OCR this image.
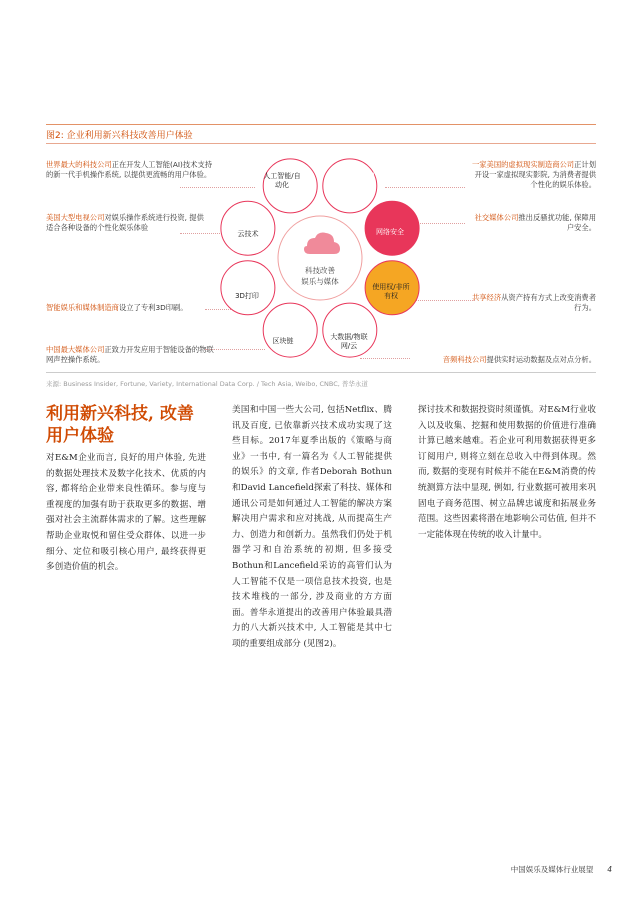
图2: 企业利用新兴科技改善用户体验
世界最大的科技公司正在开发人工智能(AI)技术支持的新一代手机操作系统, 以提供更流畅的用户体验。
美国大型电视公司对娱乐操作系统进行投资, 提供适合各种设备的个性化娱乐体验
智能娱乐和媒体制造商设立了专利3D印刷。
中国最大媒体公司正致力开发应用于智能设备的物联网声控操作系统。
一家美国的虚拟现实制造商公司正计划开设一家虚拟现实影院, 为消费者提供个性化的娱乐体验。
社交媒体公司推出反骚扰功能, 保障用户安全。
共享经济从资产持有方式上改变消费者行为。
音频科技公司提供实时运动数据及点对点分析。
科技改善
娱乐与媒体
人工智能/自动化
虚拟现实/增强现实
网络安全
使用权/非所有权
大数据/物联网/云
区块链
3D打印
云技术
来源: Business Insider, Fortune, Variety, International Data Corp. / Tech Asia, Weibo, CNBC, 普华永道
利用新兴科技, 改善用户体验
对E&M企业而言, 良好的用户体验, 先进的数据处理技术及数字化技术、优质的内容, 都将给企业带来良性循环。参与度与重视度的加强有助于获取更多的数据、增强对社会主流群体需求的了解。这些理解帮助企业取悦和留住受众群体、以进一步细分、定位和吸引核心用户, 最终获得更多创造价值的机会。
美国和中国一些大公司, 包括Netflix、腾讯及百度, 已依靠新兴技术成功实现了这些目标。2017年夏季出版的《策略与商业》一书中, 有一篇名为《人工智能提供的娱乐》的文章, 作者Deborah Bothun和David Lancefield探索了科技、媒体和通讯公司是如何通过人工智能的解决方案解决用户需求和应对挑战, 从而提高生产力、创造力和创新力。虽然我们仍处于机器学习和自治系统的初期, 但多接受Bothun和Lancefield采访的高管们认为人工智能不仅是一项信息技术投资, 也是技术堆栈的一部分, 涉及商业的方方面面。普华永道提出的改善用户体验最具潜力的八大新兴技术中, 人工智能是其中七项的重要组成部分 (见图2)。
探讨技术和数据投资时须谨慎。对E&M行业收入以及收集、挖掘和使用数据的价值进行准确计算已越来越难。若企业可利用数据获得更多订阅用户, 则将立刻在总收入中得到体现。然而, 数据的变现有时候并不能在E&M消费的传统测算方法中显现, 例如, 行业数据可被用来巩固电子商务范围、树立品牌忠诚度和拓展业务范围。这些因素将潜在地影响公司估值, 但并不一定能体现在传统的收入计量中。
中国娱乐及媒体行业展望 4
